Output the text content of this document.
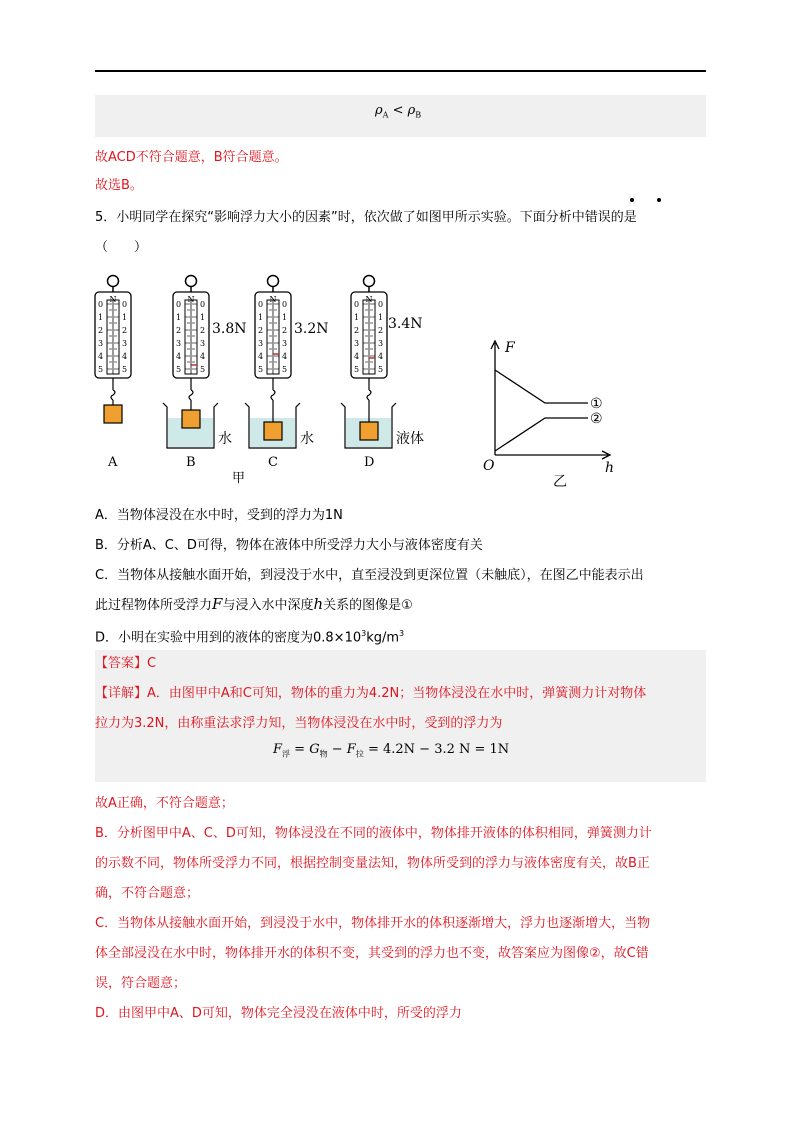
$\rho_A < \rho_B$
故ACD不符合题意，B符合题意。
故选B。
5．小明同学在探究“影响浮力大小的因素”时，依次做了如图甲所示实验。下面分析中错误的是
（　　）
N	N	N	N
3.8N	3.2N	3.4N
水	水	液体
A	B	C	D
甲
0 0
1 1
2 2
3 3
4 4
5 5
0 0
1 1
2 2
3 3
4 4
5 5
0 0
1 1
2 2
3 3
4 4
5 5
0 0
1 1
2 2
3 3
4 4
5 5
F
h
O
①
②
乙
A．当物体浸没在水中时，受到的浮力为1N
B．分析A、C、D可得，物体在液体中所受浮力大小与液体密度有关
C．当物体从接触水面开始，到浸没于水中，直至浸没到更深位置（未触底），在图乙中能表示出
此过程物体所受浮力F与浸入水中深度h关系的图像是①
D．小明在实验中用到的液体的密度为$0.8\times 10^3kg/m^3$
【答案】C
【详解】A．由图甲中A和C可知，物体的重力为4.2N；当物体浸没在水中时，弹簧测力计对物体
拉力为3.2N，由称重法求浮力知，当物体浸没在水中时，受到的浮力为
$F_浮 = G_物 - F_拉 = 4.2N - 3.2$ N = 1N
故A正确，不符合题意；
B．分析图甲中A、C、D可知，物体浸没在不同的液体中，物体排开液体的体积相同，弹簧测力计
的示数不同，物体所受浮力不同，根据控制变量法知，物体所受到的浮力与液体密度有关，故B正
确，不符合题意；
C．当物体从接触水面开始，到浸没于水中，物体排开水的体积逐渐增大，浮力也逐渐增大，当物
体全部浸没在水中时，物体排开水的体积不变，其受到的浮力也不变，故答案应为图像②，故C错
误，符合题意；
D．由图甲中A、D可知，物体完全浸没在液体中时，所受的浮力
